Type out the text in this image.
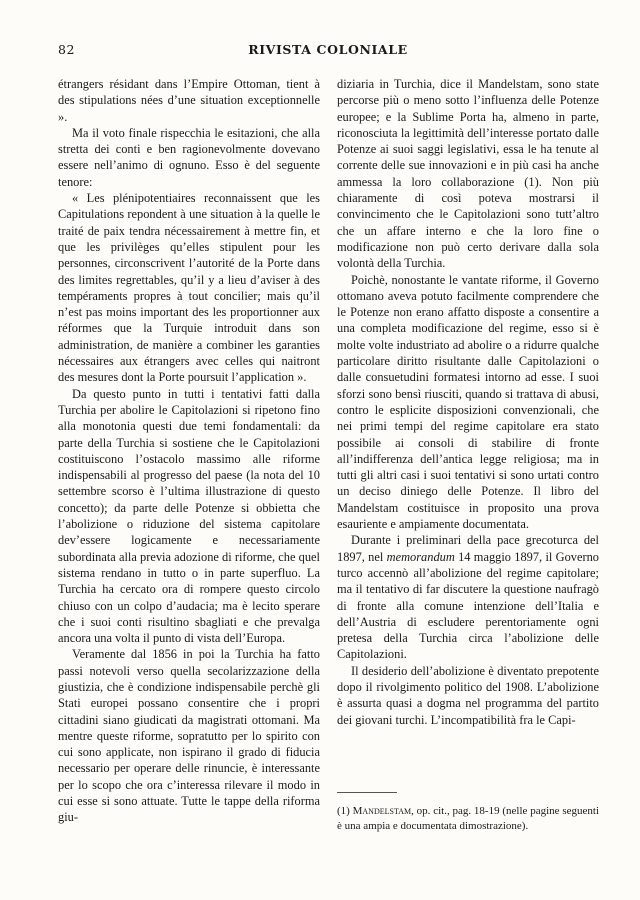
82	RIVISTA COLONIALE

étrangers résidant dans l’Empire Ottoman, tient à des stipulations nées d’une situation exceptionnelle ».

Ma il voto finale rispecchia le esitazioni, che alla stretta dei conti e ben ragionevolmente dovevano essere nell’animo di ognuno. Esso è del seguente tenore:

« Les plénipotentiaires reconnaissent que les Capitulations repondent à une situation à la quelle le traité de paix tendra nécessairement à mettre fin, et que les privilèges qu’elles stipulent pour les personnes, circonscrivent l’autorité de la Porte dans des limites regrettables, qu’il y a lieu d’aviser à des tempéraments propres à tout concilier; mais qu’il n’est pas moins important des les proportionner aux réformes que la Turquie introduit dans son administration, de manière a combiner les garanties nécessaires aux étrangers avec celles qui naitront des mesures dont la Porte poursuit l’application ».

Da questo punto in tutti i tentativi fatti dalla Turchia per abolire le Capitolazioni si ripetono fino alla monotonia questi due temi fondamentali: da parte della Turchia si sostiene che le Capitolazioni costituiscono l’ostacolo massimo alle riforme indispensabili al progresso del paese (la nota del 10 settembre scorso è l’ultima illustrazione di questo concetto); da parte delle Potenze si obbietta che l’abolizione o riduzione del sistema capitolare dev’essere logicamente e necessariamente subordinata alla previa adozione di riforme, che quel sistema rendano in tutto o in parte superfluo. La Turchia ha cercato ora di rompere questo circolo chiuso con un colpo d’audacia; ma è lecito sperare che i suoi conti risultino sbagliati e che prevalga ancora una volta il punto di vista dell’Europa.

Veramente dal 1856 in poi la Turchia ha fatto passi notevoli verso quella secolarizzazione della giustizia, che è condizione indispensabile perchè gli Stati europei possano consentire che i propri cittadini siano giudicati da magistrati ottomani. Ma mentre queste riforme, sopratutto per lo spirito con cui sono applicate, non ispirano il grado di fiducia necessario per operare delle rinuncie, è interessante per lo scopo che ora c’interessa rilevare il modo in cui esse si sono attuate. Tutte le tappe della riforma giu-

diziaria in Turchia, dice il Mandelstam, sono state percorse più o meno sotto l’influenza delle Potenze europee; e la Sublime Porta ha, almeno in parte, riconosciuta la legittimità dell’interesse portato dalle Potenze ai suoi saggi legislativi, essa le ha tenute al corrente delle sue innovazioni e in più casi ha anche ammessa la loro collaborazione (1). Non più chiaramente di così poteva mostrarsi il convincimento che le Capitolazioni sono tutt’altro che un affare interno e che la loro fine o modificazione non può certo derivare dalla sola volontà della Turchia.

Poichè, nonostante le vantate riforme, il Governo ottomano aveva potuto facilmente comprendere che le Potenze non erano affatto disposte a consentire a una completa modificazione del regime, esso si è molte volte industriato ad abolire o a ridurre qualche particolare diritto risultante dalle Capitolazioni o dalle consuetudini formatesi intorno ad esse. I suoi sforzi sono bensì riusciti, quando si trattava di abusi, contro le esplicite disposizioni convenzionali, che nei primi tempi del regime capitolare era stato possibile ai consoli di stabilire di fronte all’indifferenza dell’antica legge religiosa; ma in tutti gli altri casi i suoi tentativi si sono urtati contro un deciso diniego delle Potenze. Il libro del Mandelstam costituisce in proposito una prova esauriente e ampiamente documentata.

Durante i preliminari della pace grecoturca del 1897, nel memorandum 14 maggio 1897, il Governo turco accennò all’abolizione del regime capitolare; ma il tentativo di far discutere la questione naufragò di fronte alla comune intenzione dell’Italia e dell’Austria di escludere perentoriamente ogni pretesa della Turchia circa l’abolizione delle Capitolazioni.

Il desiderio dell’abolizione è diventato prepotente dopo il rivolgimento politico del 1908. L’abolizione è assurta quasi a dogma nel programma del partito dei giovani turchi. L’incompatibilità fra le Capi-

(1) Mandelstam, op. cit., pag. 18-19 (nelle pagine seguenti è una ampia e documentata dimostrazione).
